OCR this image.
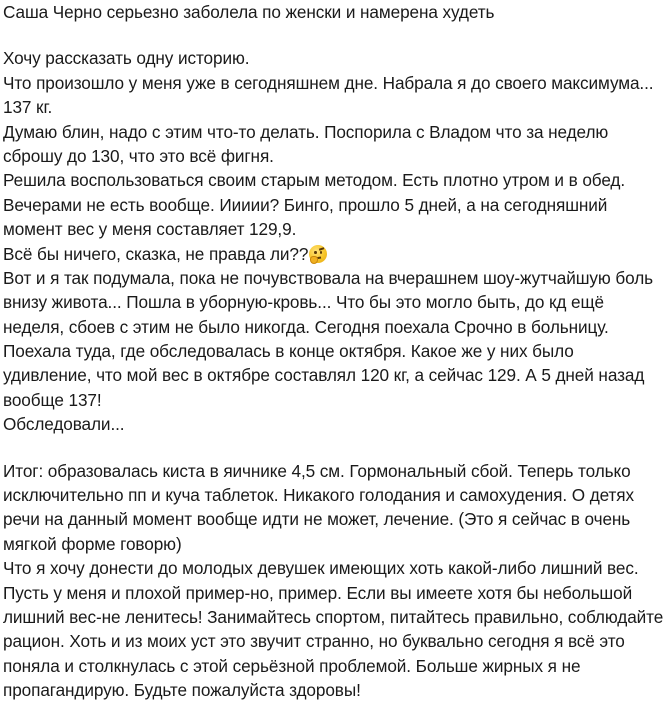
Саша Черно серьезно заболела по женски и намерена худеть
Хочу рассказать одну историю.
Что произошло у меня уже в сегодняшнем дне. Набрала я до своего максимума...
137 кг.
Думаю блин, надо с этим что-то делать. Поспорила с Владом что за неделю
сброшу до 130, что это всё фигня.
Решила воспользоваться своим старым методом. Есть плотно утром и в обед.
Вечерами не есть вообще. Иииии? Бинго, прошло 5 дней, а на сегодняшний
момент вес у меня составляет 129,9.
Всё бы ничего, сказка, не правда ли??
Вот и я так подумала, пока не почувствовала на вчерашнем шоу-жутчайшую боль
внизу живота... Пошла в уборную-кровь... Что бы это могло быть, до кд ещё
неделя, сбоев с этим не было никогда. Сегодня поехала Срочно в больницу.
Поехала туда, где обследовалась в конце октября. Какое же у них было
удивление, что мой вес в октябре составлял 120 кг, а сейчас 129. А 5 дней назад
вообще 137!
Обследовали...
Итог: образовалась киста в яичнике 4,5 см. Гормональный сбой. Теперь только
исключительно пп и куча таблеток. Никакого голодания и самохудения. О детях
речи на данный момент вообще идти не может, лечение. (Это я сейчас в очень
мягкой форме говорю)
Что я хочу донести до молодых девушек имеющих хоть какой-либо лишний вес.
Пусть у меня и плохой пример-но, пример. Если вы имеете хотя бы небольшой
лишний вес-не ленитесь! Занимайтесь спортом, питайтесь правильно, соблюдайте
рацион. Хоть и из моих уст это звучит странно, но буквально сегодня я всё это
поняла и столкнулась с этой серьёзной проблемой. Больше жирных я не
пропагандирую. Будьте пожалуйста здоровы!
